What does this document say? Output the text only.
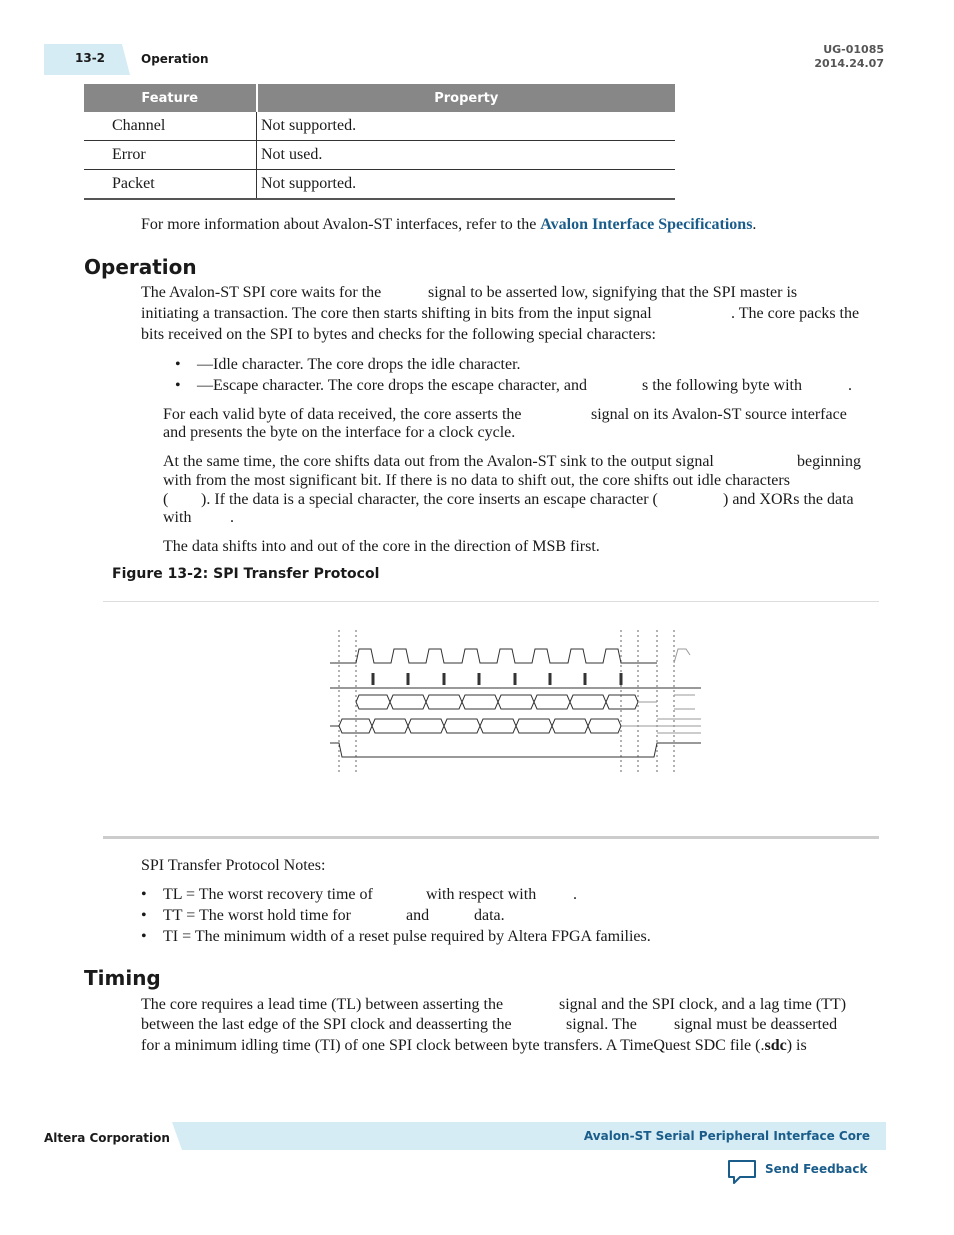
13-2	Operation
UG-01085
2014.24.07
Feature	Property
Channel	Not supported.
Error	Not used.
Packet	Not supported.
For more information about Avalon-ST interfaces, refer to the Avalon Interface Specifications.
Operation
The Avalon-ST SPI core waits for the	signal to be asserted low, signifying that the SPI master is
initiating a transaction. The core then starts shifting in bits from the input signal	. The core packs the
bits received on the SPI to bytes and checks for the following special characters:
• —Idle character. The core drops the idle character.
• —Escape character. The core drops the escape character, and	s the following byte with	.
For each valid byte of data received, the core asserts the	signal on its Avalon-ST source interface
and presents the byte on the interface for a clock cycle.
At the same time, the core shifts data out from the Avalon-ST sink to the output signal	beginning
with from the most significant bit. If there is no data to shift out, the core shifts out idle characters
( ). If the data is a special character, the core inserts an escape character (	) and XORs the data
with .
The data shifts into and out of the core in the direction of MSB first.
Figure 13-2: SPI Transfer Protocol
SPI Transfer Protocol Notes:
• TL = The worst recovery time of	with respect with .
• TT = The worst hold time for	and	data.
• TI = The minimum width of a reset pulse required by Altera FPGA families.
Timing
The core requires a lead time (TL) between asserting the	signal and the SPI clock, and a lag time (TT)
between the last edge of the SPI clock and deasserting the	signal. The signal must be deasserted
for a minimum idling time (TI) of one SPI clock between byte transfers. A TimeQuest SDC file (.sdc) is
Altera Corporation	Avalon-ST Serial Peripheral Interface Core
Send Feedback
